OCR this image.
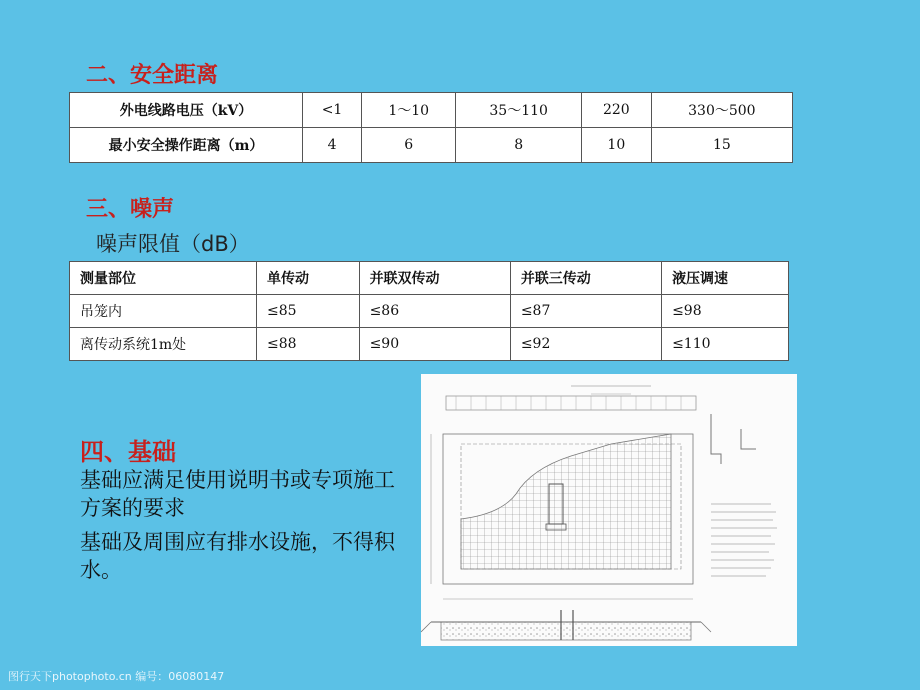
二、安全距离
外电线路电压（kV）	<1	1～10	35～110	220	330～500
最小安全操作距离（m）	4	6	8	10	15
三、噪声
噪声限值（dB）
测量部位	单传动	并联双传动	并联三传动	液压调速
吊笼内	≤85	≤86	≤87	≤98
离传动系统1m处	≤88	≤90	≤92	≤110
四、基础
基础应满足使用说明书或专项施工方案的要求
基础及周围应有排水设施，不得积水。
图行天下photophoto.cn 编号：06080147
